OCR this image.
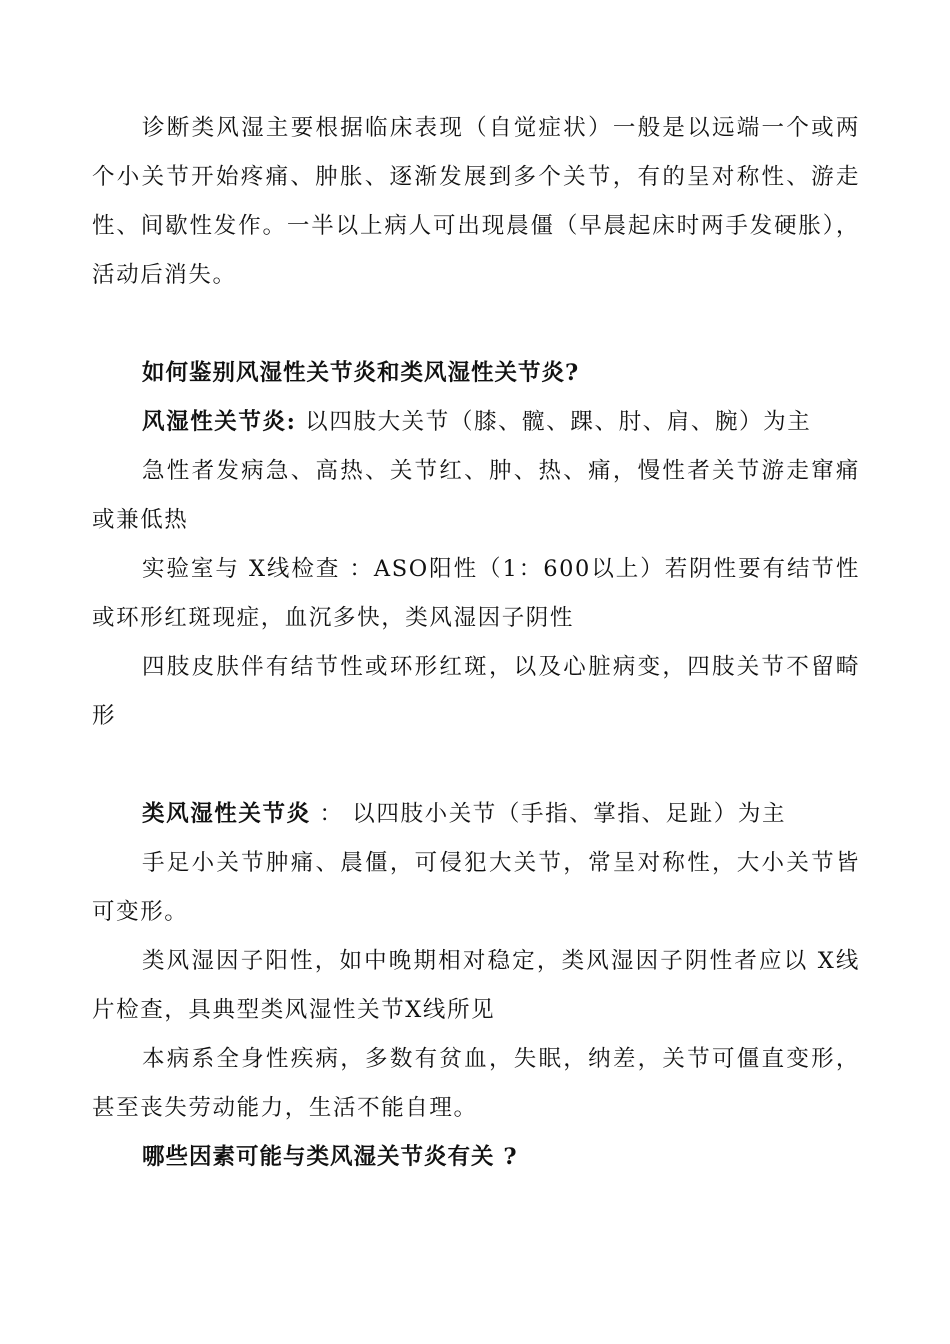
诊断类风湿主要根据临床表现（自觉症状）一般是以远端一个或两个小关节开始疼痛、肿胀、逐渐发展到多个关节，有的呈对称性、游走性、间歇性发作。一半以上病人可出现晨僵（早晨起床时两手发硬胀），活动后消失。

如何鉴别风湿性关节炎和类风湿性关节炎?

风湿性关节炎: 以四肢大关节（膝、髋、踝、肘、肩、腕）为主

急性者发病急、高热、关节红、肿、热、痛，慢性者关节游走窜痛或兼低热

实验室与 X线检查 ：ASO阳性（1：600以上）若阴性要有结节性或环形红斑现症，血沉多快，类风湿因子阴性

四肢皮肤伴有结节性或环形红斑，以及心脏病变，四肢关节不留畸形

类风湿性关节炎 ： 以四肢小关节（手指、掌指、足趾）为主

手足小关节肿痛、晨僵，可侵犯大关节，常呈对称性，大小关节皆可变形。

类风湿因子阳性，如中晚期相对稳定，类风湿因子阴性者应以 X线片检查，具典型类风湿性关节X线所见

本病系全身性疾病，多数有贫血，失眠，纳差，关节可僵直变形，甚至丧失劳动能力，生活不能自理。

哪些因素可能与类风湿关节炎有关 ?
